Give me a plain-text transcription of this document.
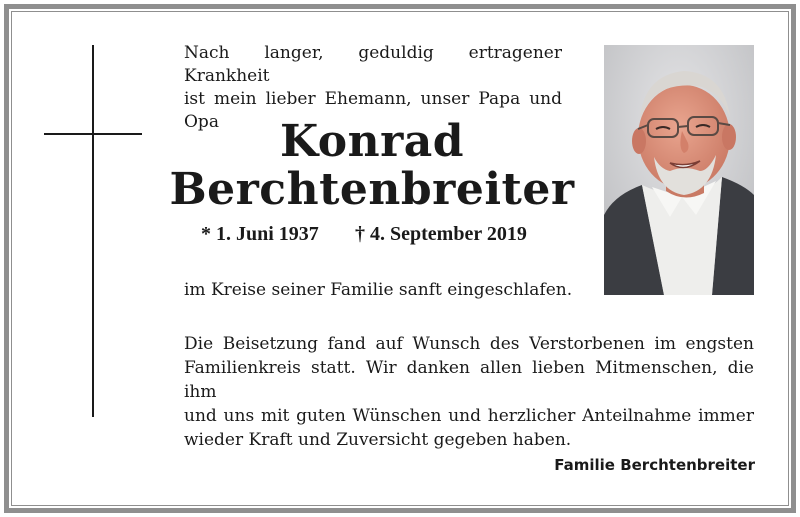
Nach langer, geduldig ertragener Krankheit
ist mein lieber Ehemann, unser Papa und Opa	Konrad
Berchtenbreiter
* 1. Juni 1937 † 4. September 2019
im Kreise seiner Familie sanft eingeschlafen.
Die Beisetzung fand auf Wunsch des Verstorbenen im engsten
Familienkreis statt. Wir danken allen lieben Mitmenschen, die ihm
und uns mit guten Wünschen und herzlicher Anteilnahme immer
wieder Kraft und Zuversicht gegeben haben.
Familie Berchtenbreiter
